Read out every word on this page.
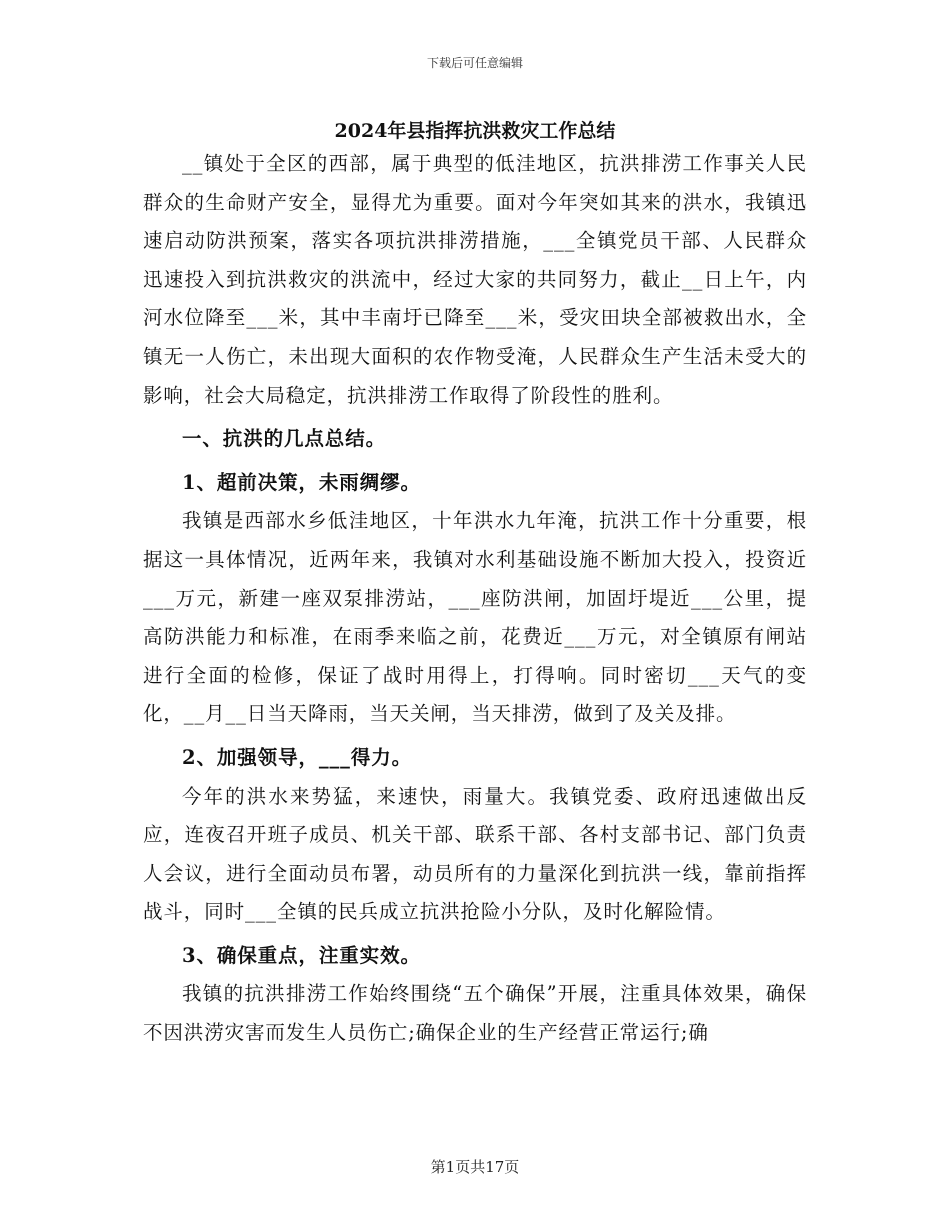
下载后可任意编辑
2024年县指挥抗洪救灾工作总结

__镇处于全区的西部，属于典型的低洼地区，抗洪排涝工作事关人民群众的生命财产安全，显得尤为重要。面对今年突如其来的洪水，我镇迅速启动防洪预案，落实各项抗洪排涝措施，___全镇党员干部、人民群众迅速投入到抗洪救灾的洪流中，经过大家的共同努力，截止__日上午，内河水位降至___米，其中丰南圩已降至___米，受灾田块全部被救出水，全镇无一人伤亡，未出现大面积的农作物受淹，人民群众生产生活未受大的影响，社会大局稳定，抗洪排涝工作取得了阶段性的胜利。

一、抗洪的几点总结。

1、超前决策，未雨绸缪。

我镇是西部水乡低洼地区，十年洪水九年淹，抗洪工作十分重要，根据这一具体情况，近两年来，我镇对水利基础设施不断加大投入，投资近___万元，新建一座双泵排涝站，___座防洪闸，加固圩堤近___公里，提高防洪能力和标准，在雨季来临之前，花费近___万元，对全镇原有闸站进行全面的检修，保证了战时用得上，打得响。同时密切___天气的变化，__月__日当天降雨，当天关闸，当天排涝，做到了及关及排。

2、加强领导，___得力。

今年的洪水来势猛，来速快，雨量大。我镇党委、政府迅速做出反应，连夜召开班子成员、机关干部、联系干部、各村支部书记、部门负责人会议，进行全面动员布署，动员所有的力量深化到抗洪一线，靠前指挥战斗，同时___全镇的民兵成立抗洪抢险小分队，及时化解险情。

3、确保重点，注重实效。

我镇的抗洪排涝工作始终围绕“五个确保”开展，注重具体效果，确保不因洪涝灾害而发生人员伤亡;确保企业的生产经营正常运行;确

第1页共17页
